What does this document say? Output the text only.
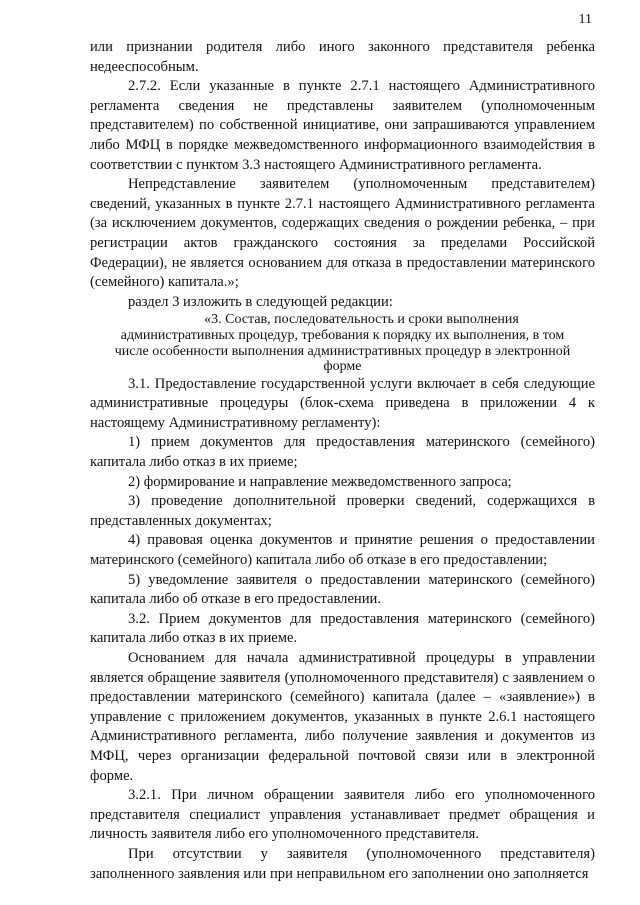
11

или признании родителя либо иного законного представителя ребенка недееспособным.

2.7.2. Если указанные в пункте 2.7.1 настоящего Административного регламента сведения не представлены заявителем (уполномоченным представителем) по собственной инициативе, они запрашиваются управлением либо МФЦ в порядке межведомственного информационного взаимодействия в соответствии с пунктом 3.3 настоящего Административного регламента.

Непредставление заявителем (уполномоченным представителем) сведений, указанных в пункте 2.7.1 настоящего Административного регламента (за исключением документов, содержащих сведения о рождении ребенка, – при регистрации актов гражданского состояния за пределами Российской Федерации), не является основанием для отказа в предоставлении материнского (семейного) капитала.»;

раздел 3 изложить в следующей редакции:

«3. Состав, последовательность и сроки выполнения административных процедур, требования к порядку их выполнения, в том числе особенности выполнения административных процедур в электронной форме

3.1. Предоставление государственной услуги включает в себя следующие административные процедуры (блок-схема приведена в приложении 4 к настоящему Административному регламенту):

1) прием документов для предоставления материнского (семейного) капитала либо отказ в их приеме;

2) формирование и направление межведомственного запроса;

3) проведение дополнительной проверки сведений, содержащихся в представленных документах;

4) правовая оценка документов и принятие решения о предоставлении материнского (семейного) капитала либо об отказе в его предоставлении;

5) уведомление заявителя о предоставлении материнского (семейного) капитала либо об отказе в его предоставлении.

3.2. Прием документов для предоставления материнского (семейного) капитала либо отказ в их приеме.

Основанием для начала административной процедуры в управлении является обращение заявителя (уполномоченного представителя) с заявлением о предоставлении материнского (семейного) капитала (далее – «заявление») в управление с приложением документов, указанных в пункте 2.6.1 настоящего Административного регламента, либо получение заявления и документов из МФЦ, через организации федеральной почтовой связи или в электронной форме.

3.2.1. При личном обращении заявителя либо его уполномоченного представителя специалист управления устанавливает предмет обращения и личность заявителя либо его уполномоченного представителя.

При отсутствии у заявителя (уполномоченного представителя) заполненного заявления или при неправильном его заполнении оно заполняется
